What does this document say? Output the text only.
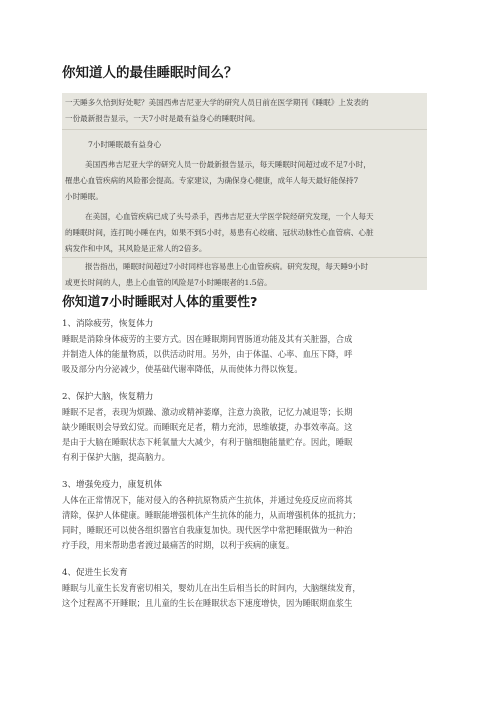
你知道人的最佳睡眠时间么？
一天睡多久恰到好处呢？美国西弗吉尼亚大学的研究人员日前在医学期刊《睡眠》上发表的
一份最新报告显示，一天7小时是最有益身心的睡眠时间。
7小时睡眠最有益身心
美国西弗吉尼亚大学的研究人员一份最新报告显示，每天睡眠时间超过或不足7小时，
罹患心血管疾病的风险都会提高。专家建议，为确保身心健康，成年人每天最好能保持7
小时睡眠。
在美国，心血管疾病已成了头号杀手，西弗吉尼亚大学医学院经研究发现，一个人每天
的睡眠时间，连打盹小睡在内，如果不到5小时，易患有心绞痛、冠状动脉性心血管病、心脏
病发作和中风，其风险是正常人的2倍多。
报告指出，睡眠时间超过7小时同样也容易患上心血管疾病。研究发现，每天睡9小时
或更长时间的人，患上心血管的风险是7小时睡眠者的1.5倍。
你知道7小时睡眠对人体的重要性?
1、消除疲劳，恢复体力
睡眠是消除身体疲劳的主要方式。因在睡眠期间胃肠道功能及其有关脏器，合成
并制造人体的能量物质，以供活动时用。另外，由于体温、心率、血压下降，呼
吸及部分内分泌减少，使基础代谢率降低，从而使体力得以恢复。
2、保护大脑，恢复精力
睡眠不足者，表现为烦躁、激动或精神萎靡，注意力涣散，记忆力减退等；长期
缺少睡眠则会导致幻觉。而睡眠充足者，精力充沛，思维敏捷，办事效率高。这
是由于大脑在睡眠状态下耗氧量大大减少，有利于脑细胞能量贮存。因此，睡眠
有利于保护大脑，提高脑力。
3、增强免疫力，康复机体
人体在正常情况下，能对侵入的各种抗原物质产生抗体，并通过免疫反应而将其
清除，保护人体健康。睡眠能增强机体产生抗体的能力，从而增强机体的抵抗力；
同时，睡眠还可以使各组织器官自我康复加快。现代医学中常把睡眠做为一种治
疗手段，用来帮助患者渡过最痛苦的时期，以利于疾病的康复。
4、促进生长发育
睡眠与儿童生长发育密切相关，婴幼儿在出生后相当长的时间内，大脑继续发育，
这个过程离不开睡眠；且儿童的生长在睡眠状态下速度增快，因为睡眠期血浆生
